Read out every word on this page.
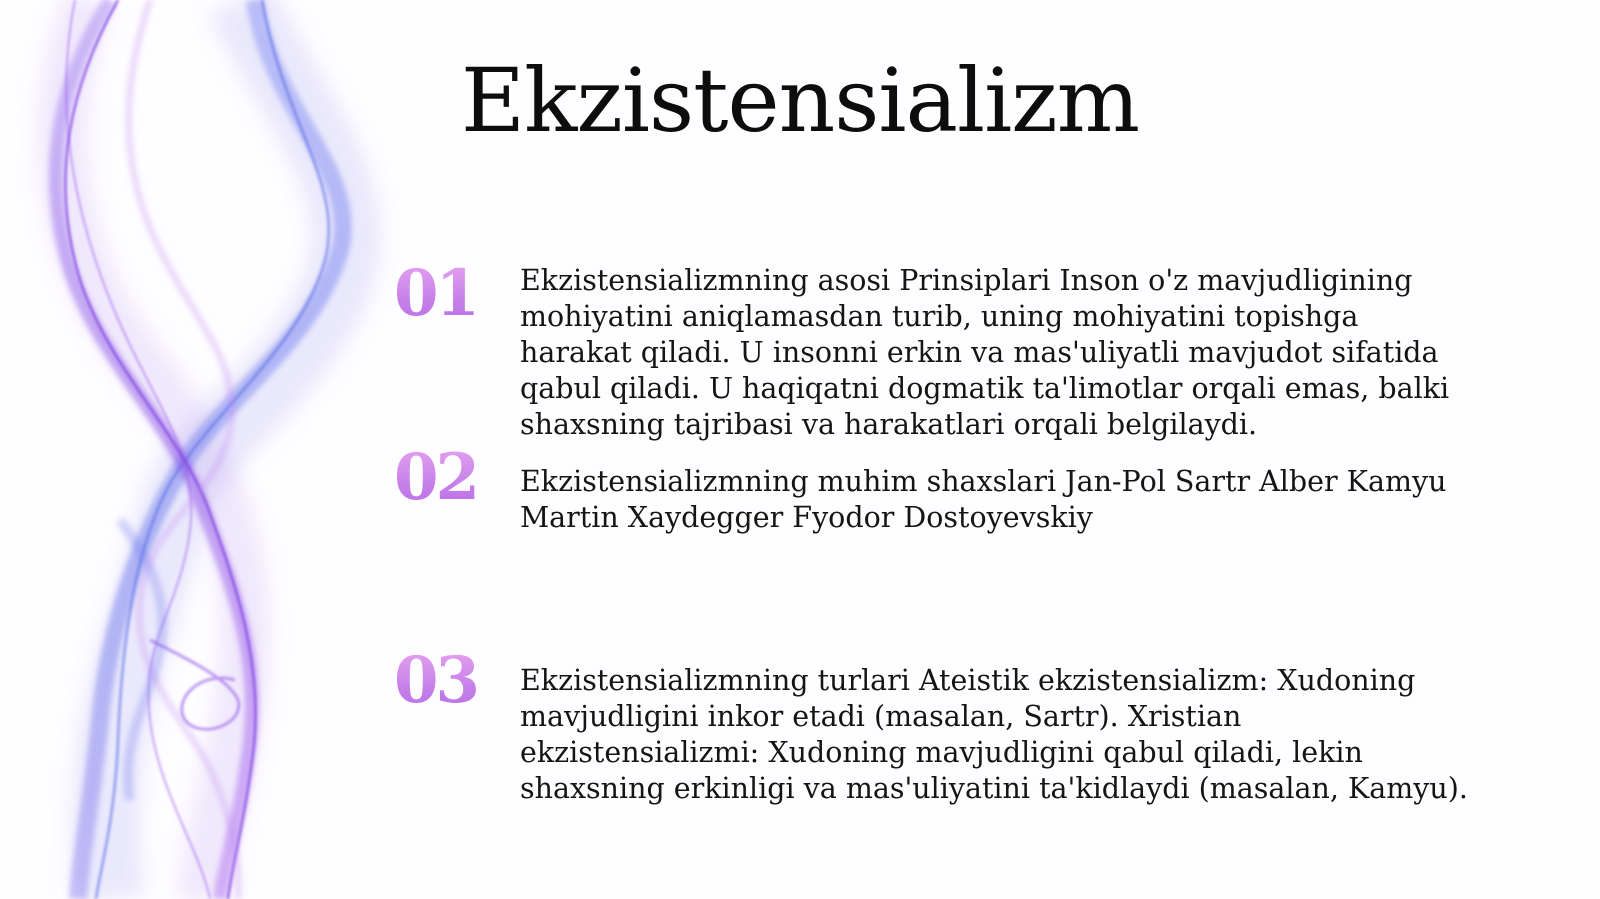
Ekzistensializm
01 Ekzistensializmning asosi Prinsiplari Inson o'z mavjudligining mohiyatini aniqlamasdan turib, uning mohiyatini topishga harakat qiladi. U insonni erkin va mas'uliyatli mavjudot sifatida qabul qiladi. U haqiqatni dogmatik ta'limotlar orqali emas, balki shaxsning tajribasi va harakatlari orqali belgilaydi.

02 Ekzistensializmning muhim shaxslari Jan-Pol Sartr Alber Kamyu Martin Xaydegger Fyodor Dostoyevskiy

03 Ekzistensializmning turlari Ateistik ekzistensializm: Xudoning mavjudligini inkor etadi (masalan, Sartr). Xristian ekzistensializmi: Xudoning mavjudligini qabul qiladi, lekin shaxsning erkinligi va mas'uliyatini ta'kidlaydi (masalan, Kamyu).
